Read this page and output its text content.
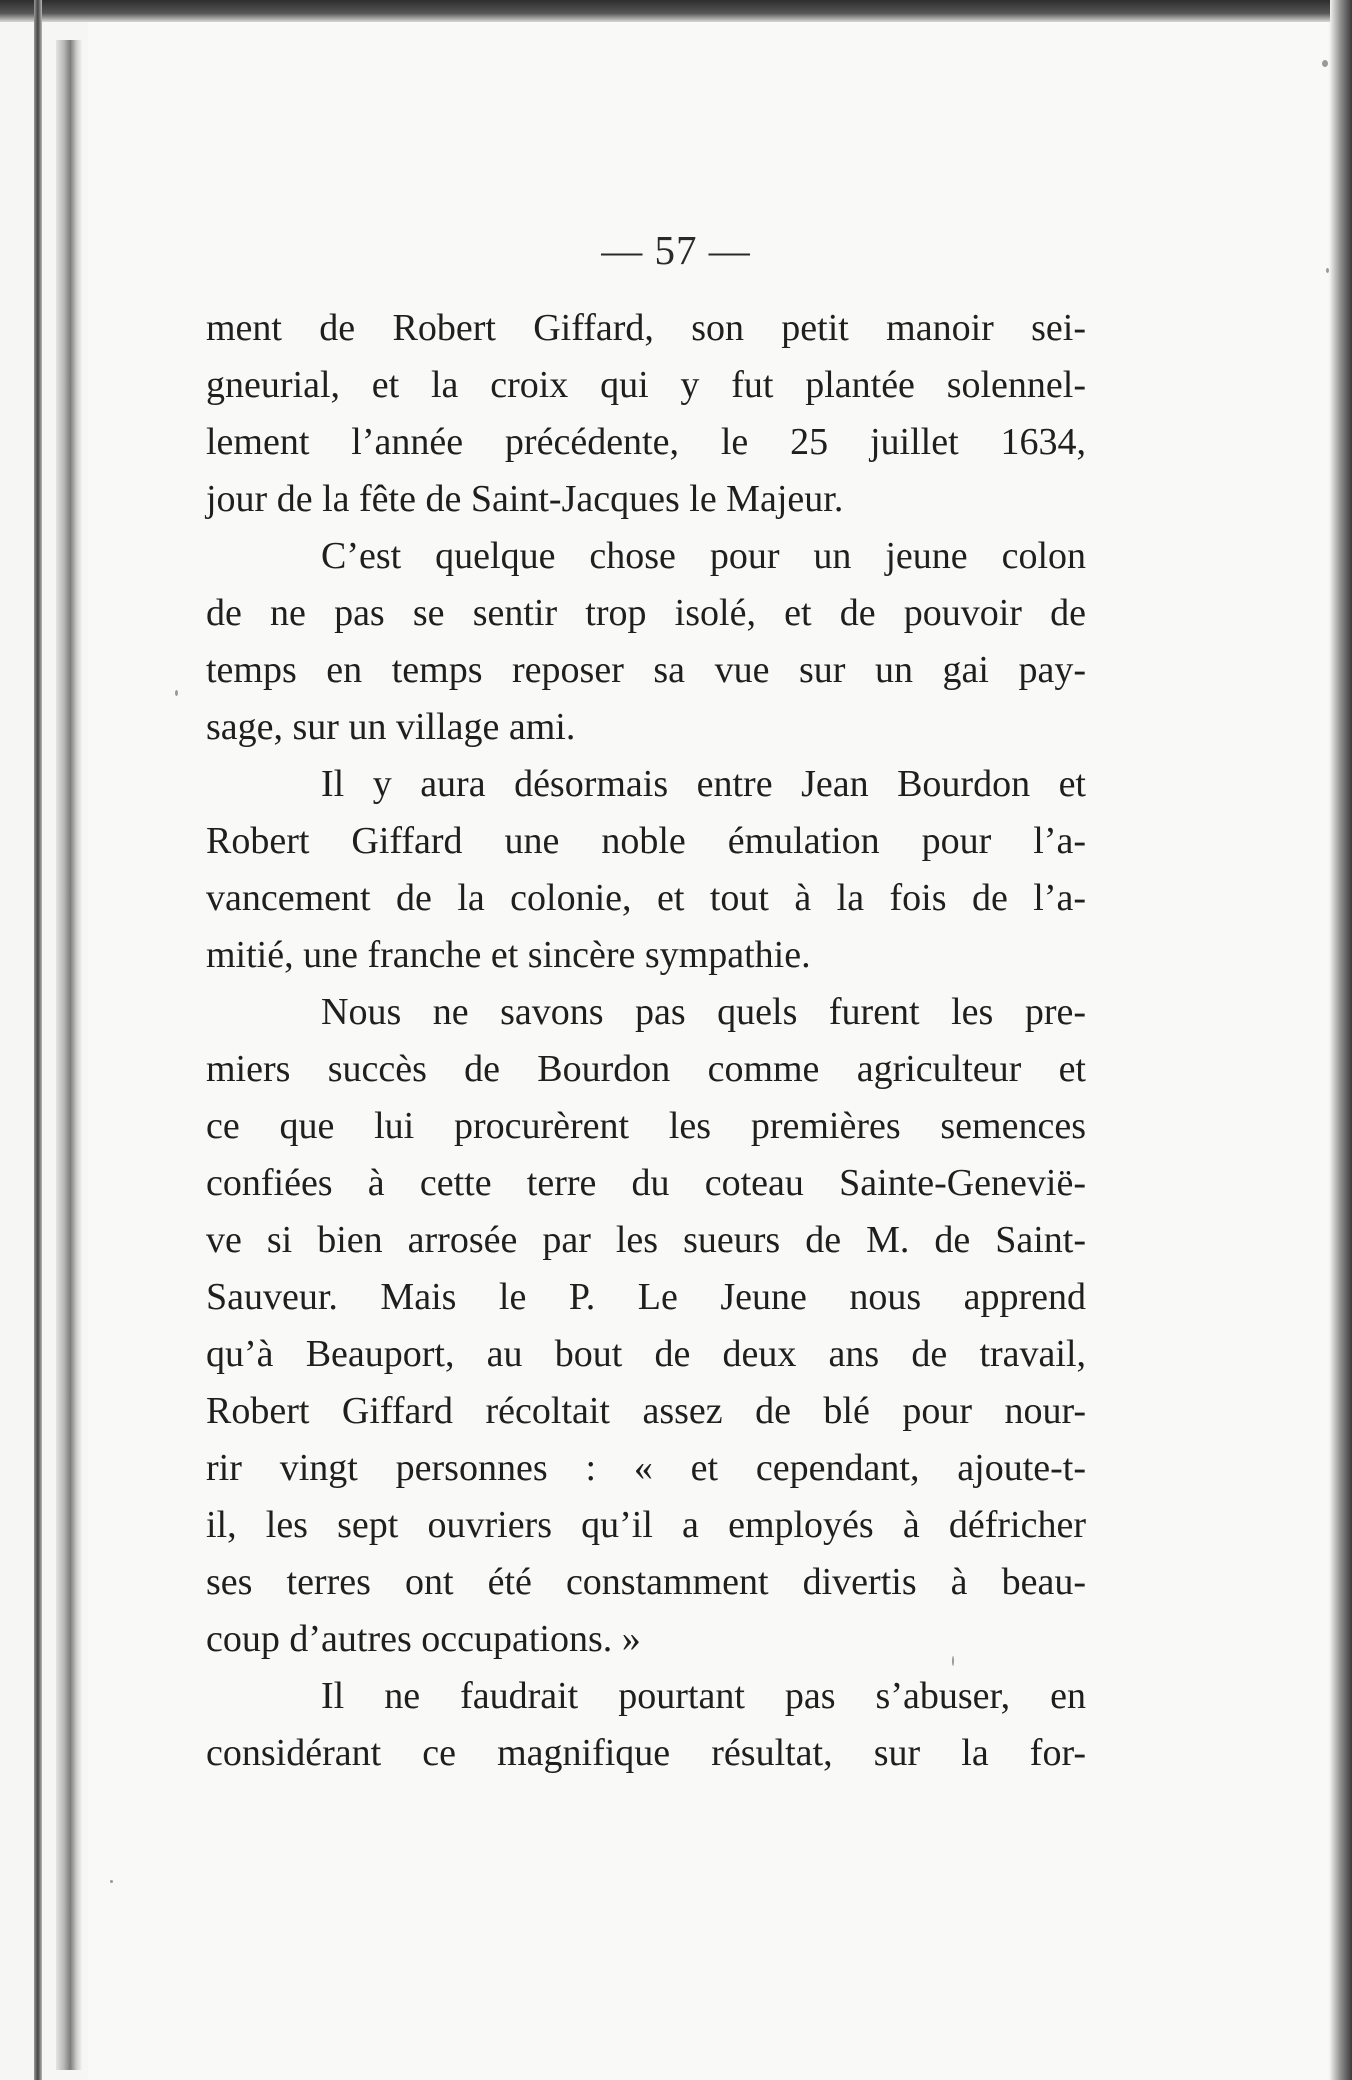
— 57 —
ment de Robert Giffard, son petit manoir sei-
gneurial, et la croix qui y fut plantée solennel-
lement l’année précédente, le 25 juillet 1634,
jour de la fête de Saint-Jacques le Majeur.
C’est quelque chose pour un jeune colon
de ne pas se sentir trop isolé, et de pouvoir de
temps en temps reposer sa vue sur un gai pay-
sage, sur un village ami.
Il y aura désormais entre Jean Bourdon et
Robert Giffard une noble émulation pour l’a-
vancement de la colonie, et tout à la fois de l’a-
mitié, une franche et sincère sympathie.
Nous ne savons pas quels furent les pre-
miers succès de Bourdon comme agriculteur et
ce que lui procurèrent les premières semences
confiées à cette terre du coteau Sainte-Genevië-
ve si bien arrosée par les sueurs de M. de Saint-
Sauveur. Mais le P. Le Jeune nous apprend
qu’à Beauport, au bout de deux ans de travail,
Robert Giffard récoltait assez de blé pour nour-
rir vingt personnes : « et cependant, ajoute-t-
il, les sept ouvriers qu’il a employés à défricher
ses terres ont été constamment divertis à beau-
coup d’autres occupations. »
Il ne faudrait pourtant pas s’abuser, en
considérant ce magnifique résultat, sur la for-
